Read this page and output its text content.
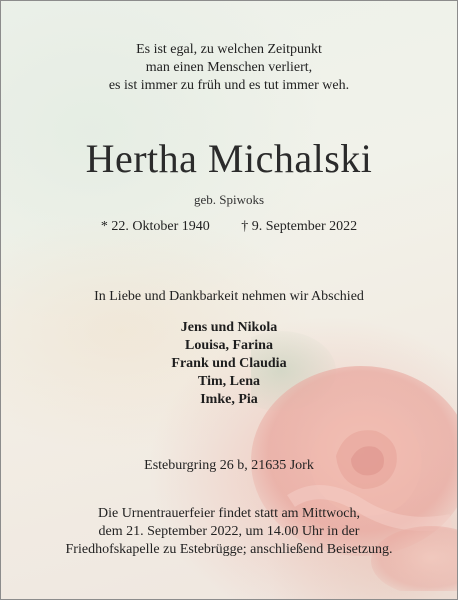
Es ist egal, zu welchen Zeitpunkt
man einen Menschen verliert,
es ist immer zu früh und es tut immer weh.
Hertha Michalski
geb. Spiwoks
* 22. Oktober 1940 † 9. September 2022
In Liebe und Dankbarkeit nehmen wir Abschied
Jens und Nikola
Louisa, Farina
Frank und Claudia
Tim, Lena
Imke, Pia
Esteburgring 26 b, 21635 Jork
Die Urnentrauerfeier findet statt am Mittwoch,
dem 21. September 2022, um 14.00 Uhr in der
Friedhofskapelle zu Estebrügge; anschließend Beisetzung.
